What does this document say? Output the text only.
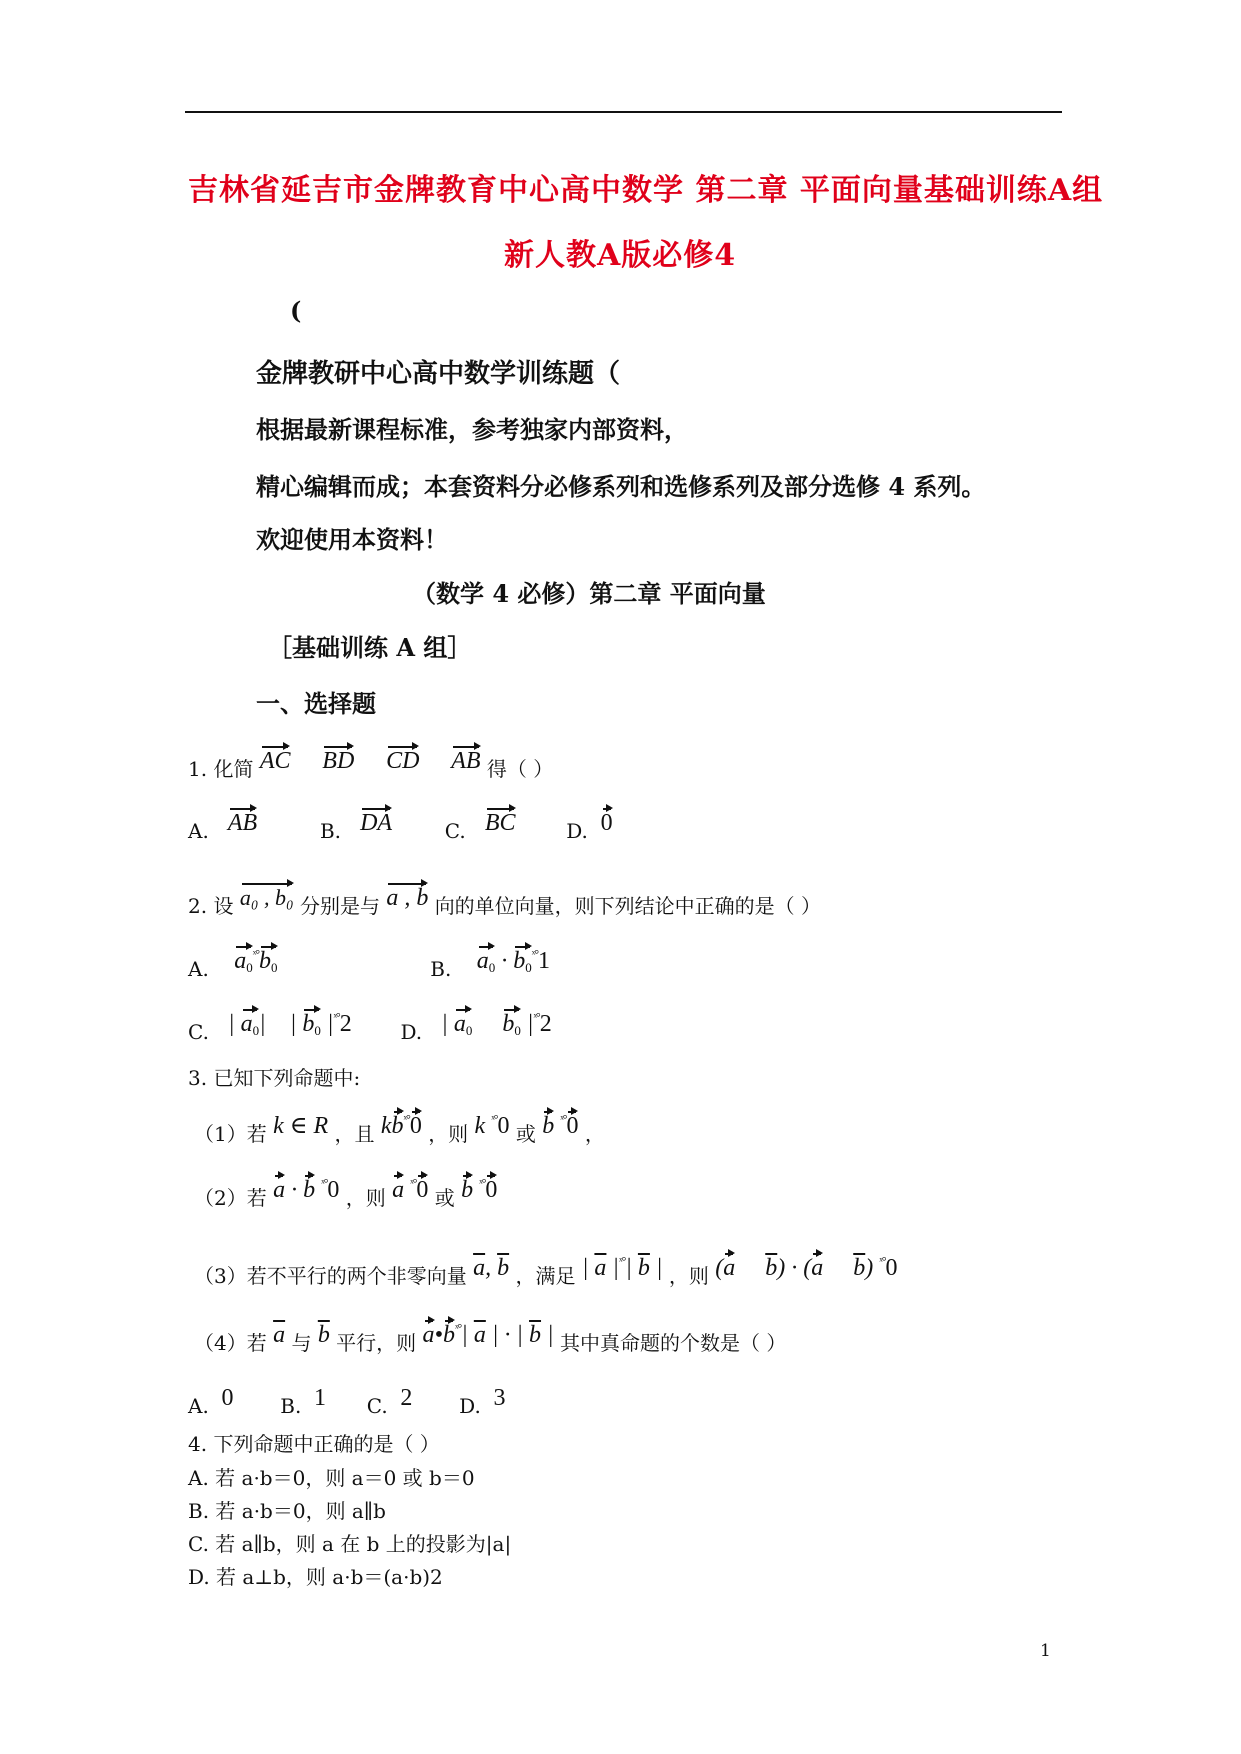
吉林省延吉市金牌教育中心高中数学 第二章 平面向量基础训练A组
新人教A版必修4
(
金牌教研中心高中数学训练题（
根据最新课程标准，参考独家内部资料，
精心编辑而成；本套资料分必修系列和选修系列及部分选修 4 系列。
欢迎使用本资料！
（数学 4 必修）第二章 平面向量
［基础训练 A 组］
一、选择题
1. 化简 AC BD CD AB 得（ ）
A. AB	B. DA	C. BC	D. 0
2. 设 a₀ , b₀ 分别是与 a , b 向的单位向量，则下列结论中正确的是（ ）
A. $a_0^{ˣ^\circ}b_0$	B. $a_0 \cdot b_0^{ˣ^\circ}1$
C.   | $a_0|$    | $b_0$ $|^{ˣ^\circ}2$ D.   | $a_0$ $b_0$ $|^{ˣ^\circ}2$
3. 已知下列命题中:
（1）若 k ∈ R ，且 $kb^{ˣ^\circ}0$ ，则 k $^{ˣ^\circ}$0 或 b $^{ˣ^\circ}$0 ，
（2）若 a · b $^{ˣ^\circ}$0 ，则 a $^{ˣ^\circ}$0 或 b $^{ˣ^\circ}$0
（3）若不平行的两个非零向量 $\overline{a}$, $\overline{b}$ ，满足 | $\overline{a}$ $|^{ˣ^\circ}|$ $\overline{b}$ | ，则 (a $\overline{b}) \cdot (a$ $\overline{b}$) $^{ˣ^\circ}$0
（4）若 $\overline{a}$ 与 $\overline{b}$ 平行，则 $a•b^{ˣ^\circ}|$ $\overline{a}$ | · | $\overline{b}$ | 其中真命题的个数是（ ）
A. 0 B. 1 C. 2 D. 3
4. 下列命题中正确的是（ ）
A. 若 a·b＝0，则 a＝0 或 b＝0
B. 若 a·b＝0，则 a∥b
C. 若 a∥b，则 a 在 b 上的投影为|a|
D. 若 a⊥b，则 a·b＝(a·b)2
1
